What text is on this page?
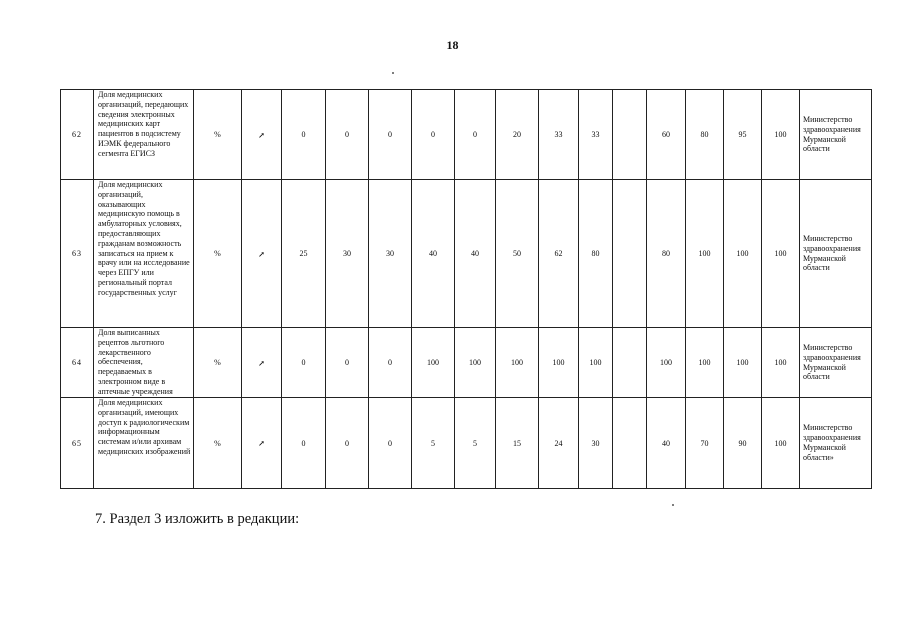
18
62	Доля медицинских организаций, передающих сведения электронных медицинских карт пациентов в подсистему ИЭМК федерального сегмента ЕГИСЗ	%	↗	0	0	0	0	0	20	33	33		60	80	95	100	Министерство здравоохранения Мурманской области
63	Доля медицинских организаций, оказывающих медицинскую помощь в амбулаторных условиях, предоставляющих гражданам возможность записаться на прием к врачу или на исследование через ЕПГУ или региональный портал государственных услуг	%	↗	25	30	30	40	40	50	62	80		80	100	100	100	Министерство здравоохранения Мурманской области
64	Доля выписанных рецептов льготного лекарственного обеспечения, передаваемых в электронном виде в аптечные учреждения	%	↗	0	0	0	100	100	100	100	100		100	100	100	100	Министерство здравоохранения Мурманской области
65	Доля медицинских организаций, имеющих доступ к радиологическим информационным системам и/или архивам медицинских изображений	%	↗	0	0	0	5	5	15	24	30		40	70	90	100	Министерство здравоохранения Мурманской области»
7. Раздел 3 изложить в редакции:
